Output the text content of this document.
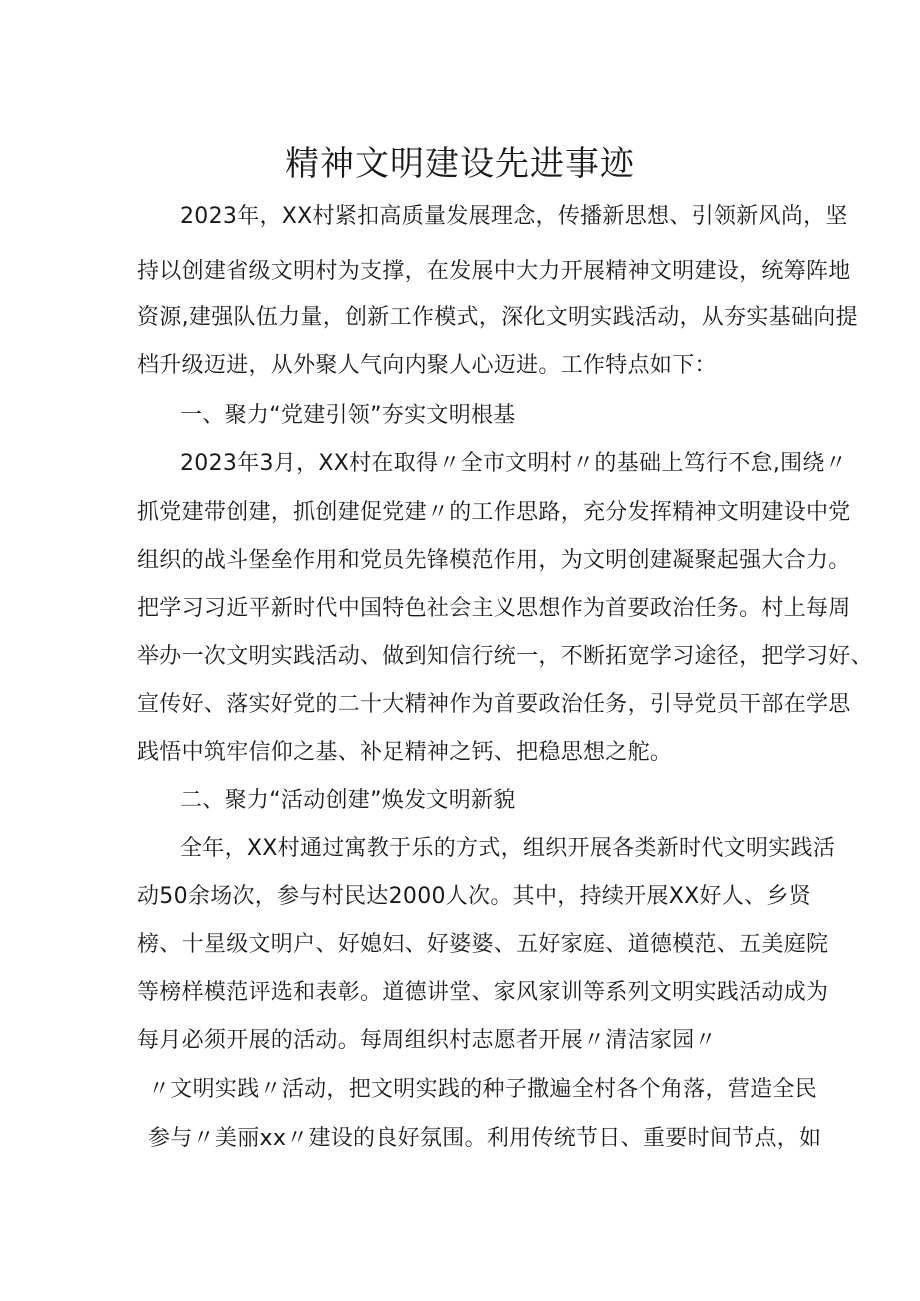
精神文明建设先进事迹
2023年，XX村紧扣高质量发展理念，传播新思想、引领新风尚，坚
持以创建省级文明村为支撑，在发展中大力开展精神文明建设，统筹阵地
资源,建强队伍力量，创新工作模式，深化文明实践活动，从夯实基础向提
档升级迈进，从外聚人气向内聚人心迈进。工作特点如下：
一、聚力“党建引领”夯实文明根基
2023年3月，XX村在取得〃全市文明村〃的基础上笃行不怠,围绕〃
抓党建带创建，抓创建促党建〃的工作思路，充分发挥精神文明建设中党
组织的战斗堡垒作用和党员先锋模范作用，为文明创建凝聚起强大合力。
把学习习近平新时代中国特色社会主义思想作为首要政治任务。村上每周
举办一次文明实践活动、做到知信行统一，不断拓宽学习途径，把学习好、
宣传好、落实好党的二十大精神作为首要政治任务，引导党员干部在学思
践悟中筑牢信仰之基、补足精神之钙、把稳思想之舵。
二、聚力“活动创建”焕发文明新貌
全年，XX村通过寓教于乐的方式，组织开展各类新时代文明实践活
动50余场次，参与村民达2000人次。其中，持续开展XX好人、乡贤
榜、十星级文明户、好媳妇、好婆婆、五好家庭、道德模范、五美庭院
等榜样模范评选和表彰。道德讲堂、家风家训等系列文明实践活动成为
每月必须开展的活动。每周组织村志愿者开展〃清洁家园〃
〃文明实践〃活动，把文明实践的种子撒遍全村各个角落，营造全民
参与〃美丽xx〃建设的良好氛围。利用传统节日、重要时间节点，如
